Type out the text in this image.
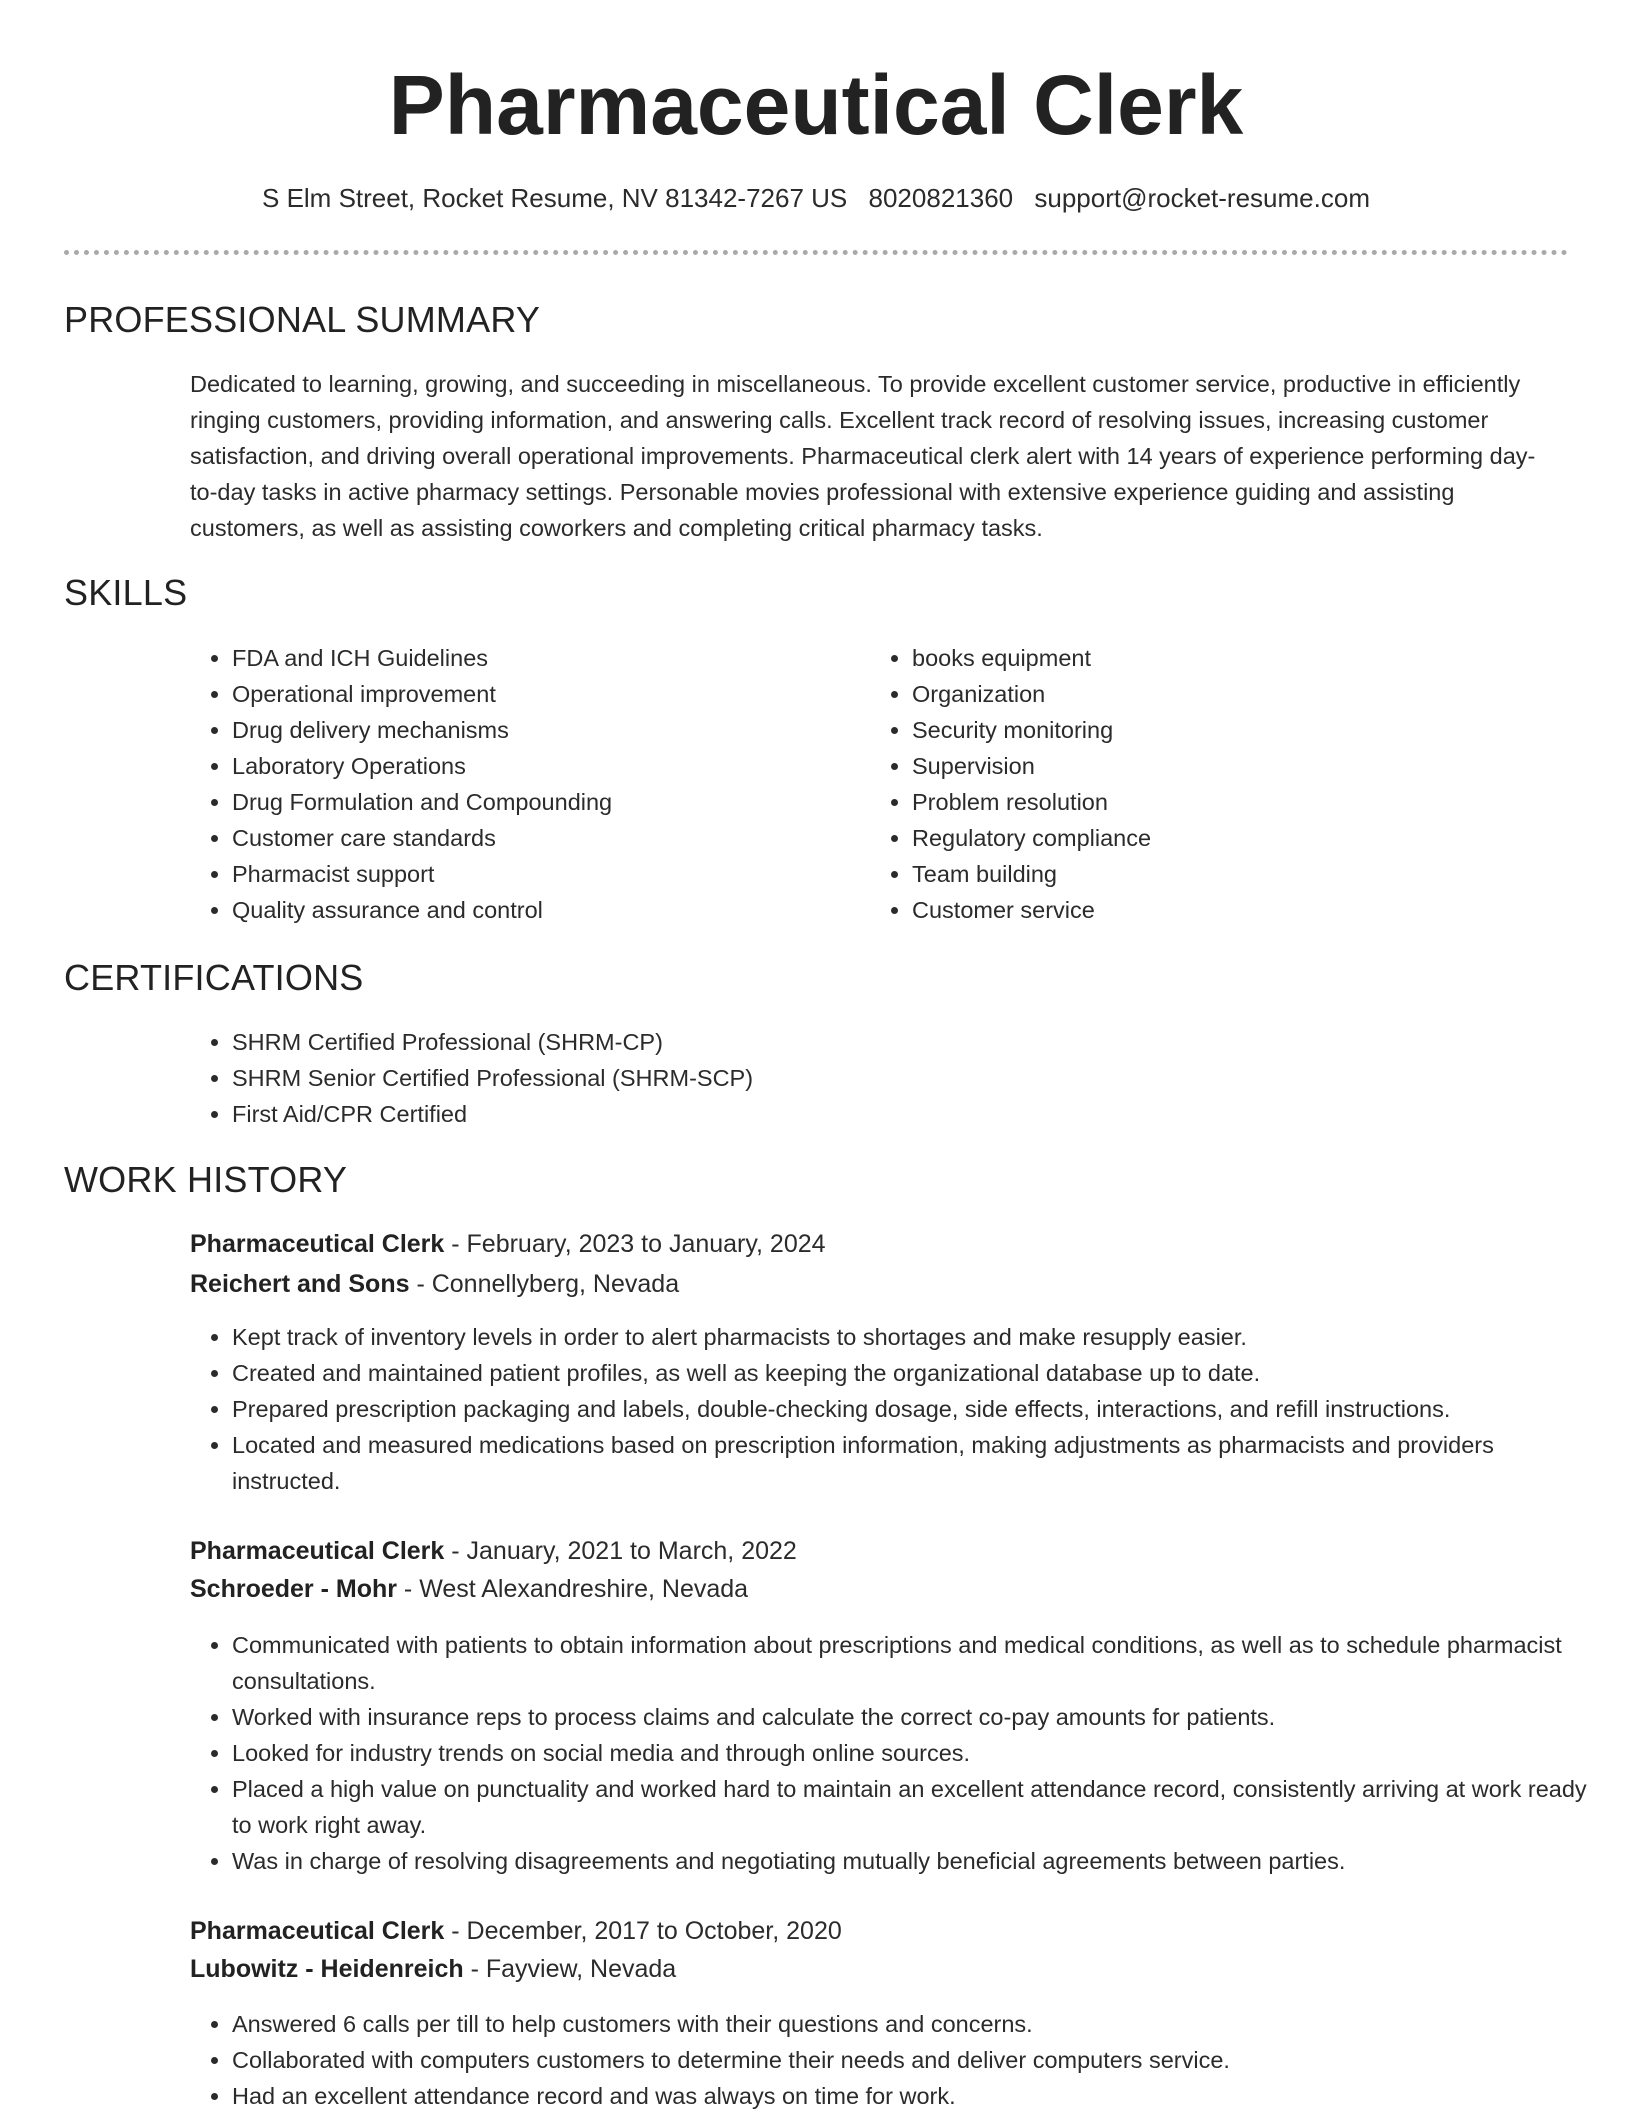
Pharmaceutical Clerk
S Elm Street, Rocket Resume, NV 81342-7267 US 8020821360 support@rocket-resume.com
PROFESSIONAL SUMMARY

Dedicated to learning, growing, and succeeding in miscellaneous. To provide excellent customer service, productive in efficiently ringing customers, providing information, and answering calls. Excellent track record of resolving issues, increasing customer satisfaction, and driving overall operational improvements. Pharmaceutical clerk alert with 14 years of experience performing day-to-day tasks in active pharmacy settings. Personable movies professional with extensive experience guiding and assisting customers, as well as assisting coworkers and completing critical pharmacy tasks.

SKILLS
• FDA and ICH Guidelines
• Operational improvement
• Drug delivery mechanisms
• Laboratory Operations
• Drug Formulation and Compounding
• Customer care standards
• Pharmacist support
• Quality assurance and control
• books equipment
• Organization
• Security monitoring
• Supervision
• Problem resolution
• Regulatory compliance
• Team building
• Customer service
CERTIFICATIONS
• SHRM Certified Professional (SHRM-CP)
• SHRM Senior Certified Professional (SHRM-SCP)
• First Aid/CPR Certified
WORK HISTORY
Pharmaceutical Clerk - February, 2023 to January, 2024
Reichert and Sons - Connellyberg, Nevada
• Kept track of inventory levels in order to alert pharmacists to shortages and make resupply easier.
• Created and maintained patient profiles, as well as keeping the organizational database up to date.
• Prepared prescription packaging and labels, double-checking dosage, side effects, interactions, and refill instructions.
• Located and measured medications based on prescription information, making adjustments as pharmacists and providers instructed.
Pharmaceutical Clerk - January, 2021 to March, 2022
Schroeder - Mohr - West Alexandreshire, Nevada
• Communicated with patients to obtain information about prescriptions and medical conditions, as well as to schedule pharmacist consultations.
• Worked with insurance reps to process claims and calculate the correct co-pay amounts for patients.
• Looked for industry trends on social media and through online sources.
• Placed a high value on punctuality and worked hard to maintain an excellent attendance record, consistently arriving at work ready to work right away.
• Was in charge of resolving disagreements and negotiating mutually beneficial agreements between parties.
Pharmaceutical Clerk - December, 2017 to October, 2020
Lubowitz - Heidenreich - Fayview, Nevada
• Answered 6 calls per till to help customers with their questions and concerns.
• Collaborated with computers customers to determine their needs and deliver computers service.
• Had an excellent attendance record and was always on time for work.
